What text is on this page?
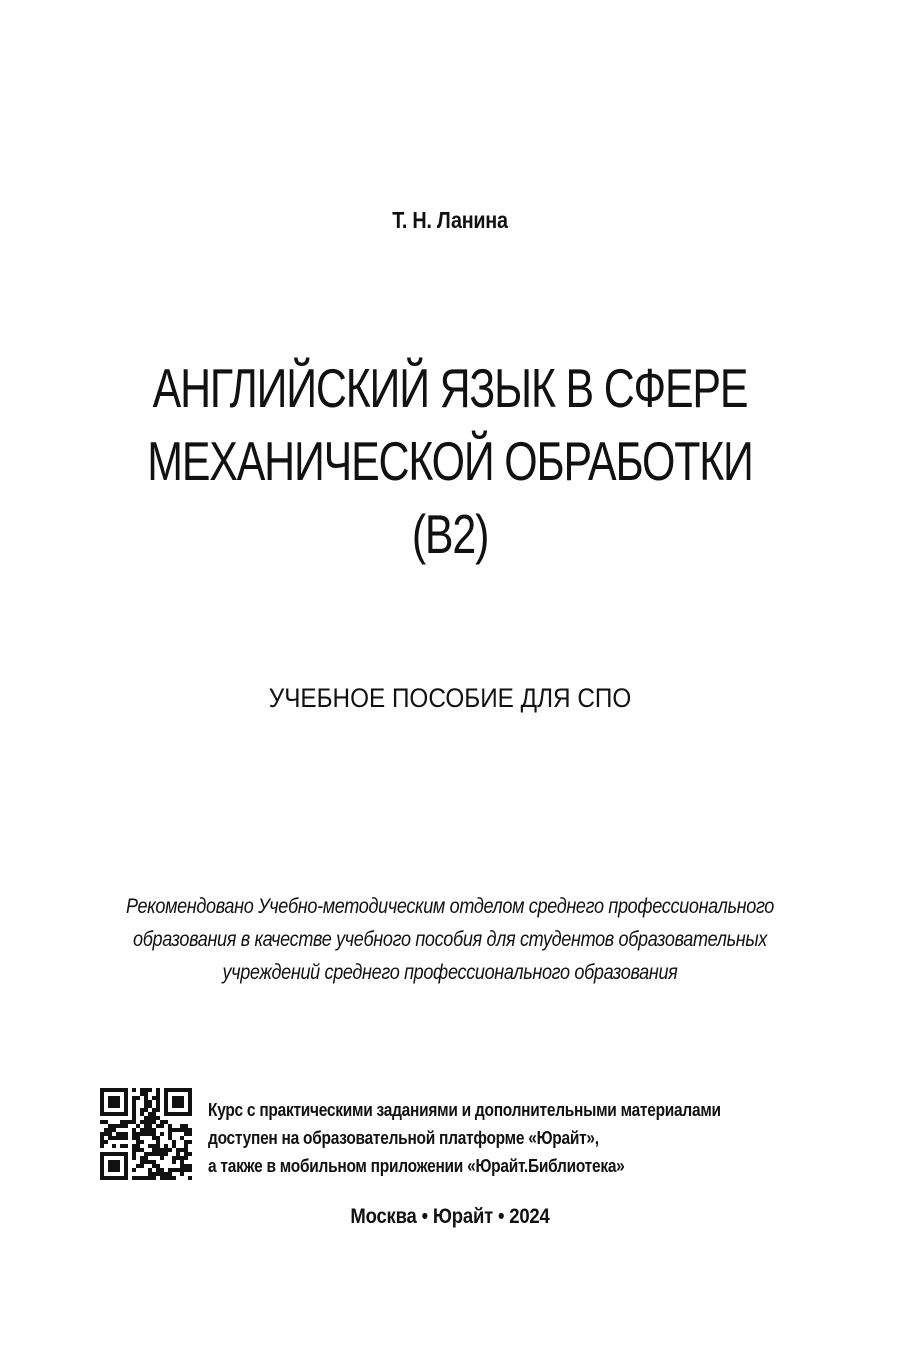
Т. Н. Ланина
АНГЛИЙСКИЙ ЯЗЫК В СФЕРЕ
МЕХАНИЧЕСКОЙ ОБРАБОТКИ
(B2)
УЧЕБНОЕ ПОСОБИЕ ДЛЯ СПО
Рекомендовано Учебно-методическим отделом среднего профессионального
образования в качестве учебного пособия для студентов образовательных
учреждений среднего профессионального образования
Курс с практическими заданиями и дополнительными материалами
доступен на образовательной платформе «Юрайт»,
а также в мобильном приложении «Юрайт.Библиотека»
Москва • Юрайт • 2024
